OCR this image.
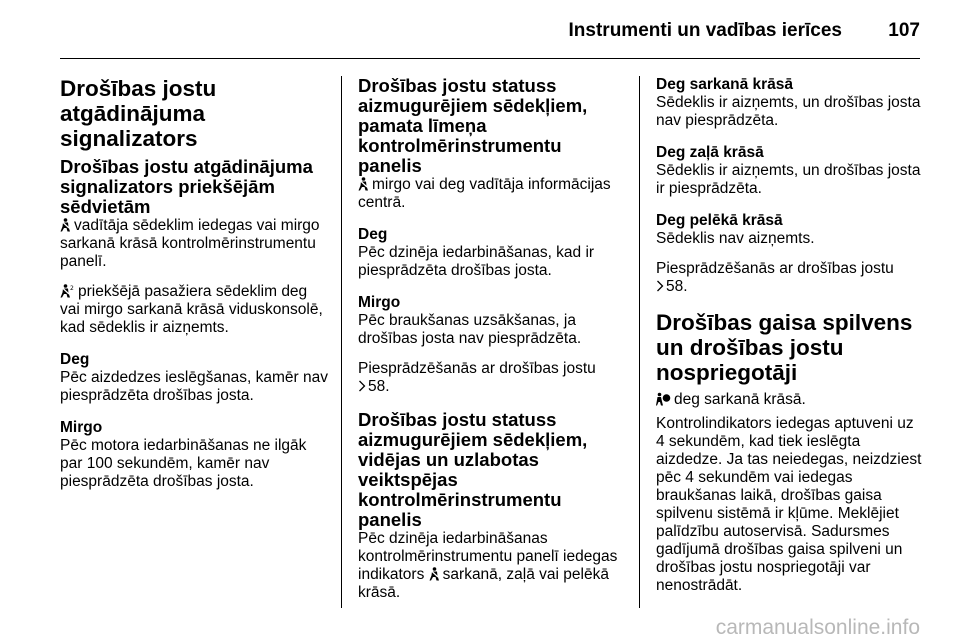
Instrumenti un vadības ierīces 107

Drošības jostu atgādinājuma signalizators

Drošības jostu atgādinājuma signalizators priekšējām sēdvietām

vadītāja sēdeklim iedegas vai mirgo sarkanā krāsā kontrolmērinstrumentu panelī.

2 priekšējā pasažiera sēdeklim deg vai mirgo sarkanā krāsā viduskonsolē, kad sēdeklis ir aizņemts.

Deg

Pēc aizdedzes ieslēgšanas, kamēr nav piesprādzēta drošības josta.

Mirgo

Pēc motora iedarbināšanas ne ilgāk par 100 sekundēm, kamēr nav piesprādzēta drošības josta.

Drošības jostu statuss aizmugurējiem sēdekļiem, pamata līmeņa kontrolmērinstrumentu panelis

mirgo vai deg vadītāja informācijas centrā.

Deg

Pēc dzinēja iedarbināšanas, kad ir piesprādzēta drošības josta.

Mirgo

Pēc braukšanas uzsākšanas, ja drošības josta nav piesprādzēta.

Piesprādzēšanās ar drošības jostu

58.

Drošības jostu statuss aizmugurējiem sēdekļiem, vidējas un uzlabotas veiktspējas kontrolmērinstrumentu panelis

Pēc dzinēja iedarbināšanas kontrolmērinstrumentu panelī iedegas indikators sarkanā, zaļā vai pelēkā krāsā.

Deg sarkanā krāsā

Sēdeklis ir aizņemts, un drošības josta nav piesprādzēta.

Deg zaļā krāsā

Sēdeklis ir aizņemts, un drošības josta ir piesprādzēta.

Deg pelēkā krāsā

Sēdeklis nav aizņemts.

Piesprādzēšanās ar drošības jostu

58.

Drošības gaisa spilvens un drošības jostu nospriegotāji

deg sarkanā krāsā.

Kontrolindikators iedegas aptuveni uz 4 sekundēm, kad tiek ieslēgta aizdedze. Ja tas neiedegas, neizdziest pēc 4 sekundēm vai iedegas braukšanas laikā, drošības gaisa spilvenu sistēmā ir kļūme. Meklējiet palīdzību autoservisā. Sadursmes gadījumā drošības gaisa spilveni un drošības jostu nospriegotāji var nenostrādāt.

carmanualsonline.info
